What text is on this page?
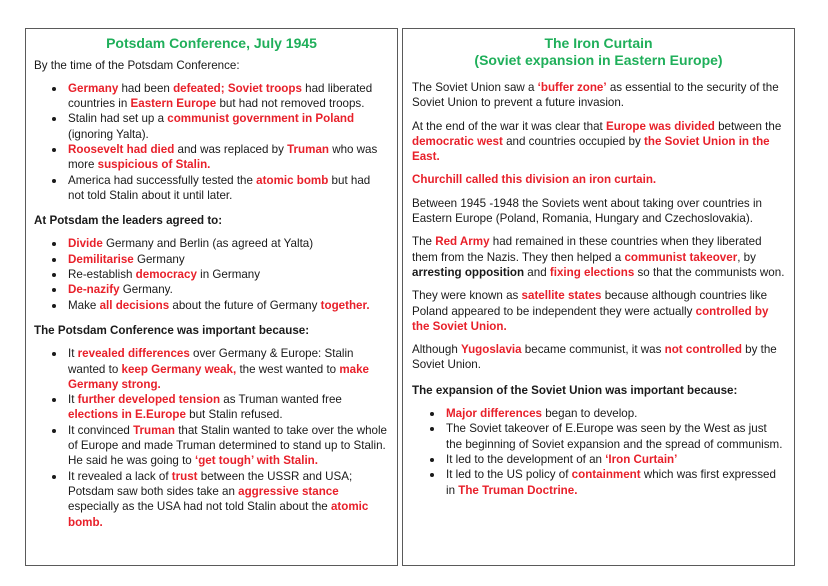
Potsdam Conference, July 1945
By the time of the Potsdam Conference:
Germany had been defeated; Soviet troops had liberated countries in Eastern Europe but had not removed troops.
Stalin had set up a communist government in Poland (ignoring Yalta).
Roosevelt had died and was replaced by Truman who was more suspicious of Stalin.
America had successfully tested the atomic bomb but had not told Stalin about it until later.
At Potsdam the leaders agreed to:
Divide Germany and Berlin (as agreed at Yalta)
Demilitarise Germany
Re-establish democracy in Germany
De-nazify Germany.
Make all decisions about the future of Germany together.
The Potsdam Conference was important because:
It revealed differences over Germany & Europe: Stalin wanted to keep Germany weak, the west wanted to make Germany strong.
It further developed tension as Truman wanted free elections in E.Europe but Stalin refused.
It convinced Truman that Stalin wanted to take over the whole of Europe and made Truman determined to stand up to Stalin. He said he was going to ‘get tough’ with Stalin.
It revealed a lack of trust between the USSR and USA; Potsdam saw both sides take an aggressive stance especially as the USA had not told Stalin about the atomic bomb.
The Iron Curtain
(Soviet expansion in Eastern Europe)
The Soviet Union saw a ‘buffer zone’ as essential to the security of the Soviet Union to prevent a future invasion.
At the end of the war it was clear that Europe was divided between the democratic west and countries occupied by the Soviet Union in the East.
Churchill called this division an iron curtain.
Between 1945 -1948 the Soviets went about taking over countries in Eastern Europe (Poland, Romania, Hungary and Czechoslovakia).
The Red Army had remained in these countries when they liberated them from the Nazis. They then helped a communist takeover, by arresting opposition and fixing elections so that the communists won.
They were known as satellite states because although countries like Poland appeared to be independent they were actually controlled by the Soviet Union.
Although Yugoslavia became communist, it was not controlled by the Soviet Union.
The expansion of the Soviet Union was important because:
Major differences began to develop.
The Soviet takeover of E.Europe was seen by the West as just the beginning of Soviet expansion and the spread of communism.
It led to the development of an ‘Iron Curtain’
It led to the US policy of containment which was first expressed in The Truman Doctrine.
